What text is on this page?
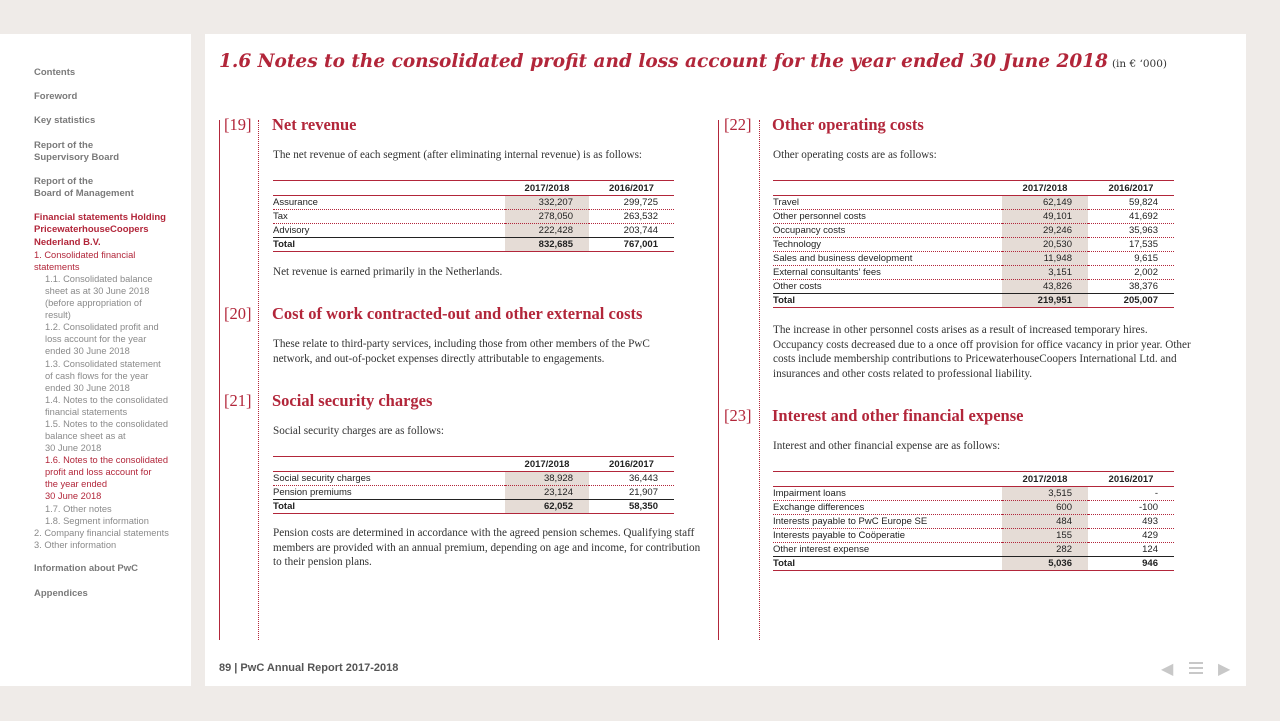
Contents
Foreword
Key statistics
Report of the
Supervisory Board
Report of the
Board of Management
Financial statements Holding
PricewaterhouseCoopers
Nederland B.V.
1. Consolidated financial
statements
1.1. Consolidated balance
sheet as at 30 June 2018
(before appropriation of
result)
1.2. Consolidated profit and
loss account for the year
ended 30 June 2018
1.3. Consolidated statement
of cash flows for the year
ended 30 June 2018
1.4. Notes to the consolidated
financial statements
1.5. Notes to the consolidated
balance sheet as at
30 June 2018
1.6. Notes to the consolidated
profit and loss account for
the year ended
30 June 2018
1.7. Other notes
1.8. Segment information
2. Company financial statements
3. Other information
Information about PwC
Appendices
1.6 Notes to the consolidated profit and loss account for the year ended 30 June 2018 (in € ‘000)
[19] Net revenue
The net revenue of each segment (after eliminating internal revenue) is as follows:
	2017/2018	2016/2017
Assurance	332,207	299,725
Tax	278,050	263,532
Advisory	222,428	203,744
Total	832,685	767,001
Net revenue is earned primarily in the Netherlands.
[20] Cost of work contracted-out and other external costs
These relate to third-party services, including those from other members of the PwC network, and out-of-pocket expenses directly attributable to engagements.
[21] Social security charges
Social security charges are as follows:
	2017/2018	2016/2017
Social security charges	38,928	36,443
Pension premiums	23,124	21,907
Total	62,052	58,350
Pension costs are determined in accordance with the agreed pension schemes. Qualifying staff members are provided with an annual premium, depending on age and income, for contribution to their pension plans.
[22] Other operating costs
Other operating costs are as follows:
	2017/2018	2016/2017
Travel	62,149	59,824
Other personnel costs	49,101	41,692
Occupancy costs	29,246	35,963
Technology	20,530	17,535
Sales and business development	11,948	9,615
External consultants’ fees	3,151	2,002
Other costs	43,826	38,376
Total	219,951	205,007
The increase in other personnel costs arises as a result of increased temporary hires. Occupancy costs decreased due to a once off provision for office vacancy in prior year. Other costs include membership contributions to PricewaterhouseCoopers International Ltd. and insurances and other costs related to professional liability.
[23] Interest and other financial expense
Interest and other financial expense are as follows:
	2017/2018	2016/2017
Impairment loans	3,515	-
Exchange differences	600	-100
Interests payable to PwC Europe SE	484	493
Interests payable to Coöperatie	155	429
Other interest expense	282	124
Total	5,036	946
89 | PwC Annual Report 2017-2018	◀	▶
